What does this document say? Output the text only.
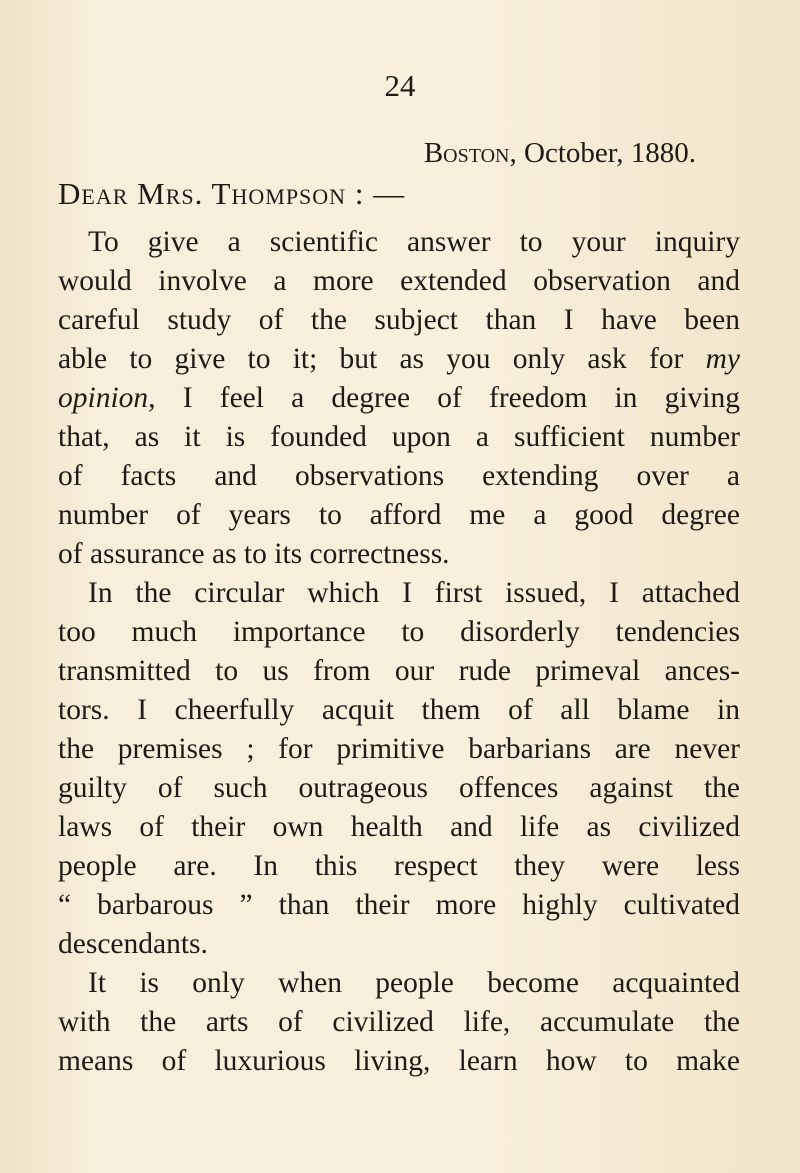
24
Boston, October, 1880.
Dear Mrs. Thompson : —
To give a scientific answer to your inquiry
would involve a more extended observation and
careful study of the subject than I have been
able to give to it; but as you only ask for my
opinion, I feel a degree of freedom in giving
that, as it is founded upon a sufficient number
of facts and observations extending over a
number of years to afford me a good degree
of assurance as to its correctness.
In the circular which I first issued, I attached
too much importance to disorderly tendencies
transmitted to us from our rude primeval ances-
tors. I cheerfully acquit them of all blame in
the premises ; for primitive barbarians are never
guilty of such outrageous offences against the
laws of their own health and life as civilized
people are. In this respect they were less
“ barbarous ” than their more highly cultivated
descendants.
It is only when people become acquainted
with the arts of civilized life, accumulate the
means of luxurious living, learn how to make
